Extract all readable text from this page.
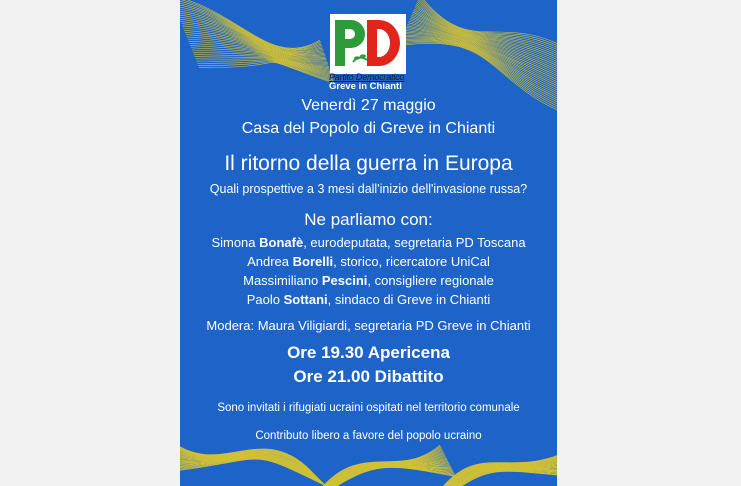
Partito Democratico
Greve in Chianti
Venerdì 27 maggio
Casa del Popolo di Greve in Chianti
Il ritorno della guerra in Europa
Quali prospettive a 3 mesi dall'inizio dell'invasione russa?
Ne parliamo con:
Simona Bonafè, eurodeputata, segretaria PD Toscana
Andrea Borelli, storico, ricercatore UniCal
Massimiliano Pescini, consigliere regionale
Paolo Sottani, sindaco di Greve in Chianti
Modera: Maura Viligiardi, segretaria PD Greve in Chianti
Ore 19.30 Apericena
Ore 21.00 Dibattito
Sono invitati i rifugiati ucraini ospitati nel territorio comunale
Contributo libero a favore del popolo ucraino
